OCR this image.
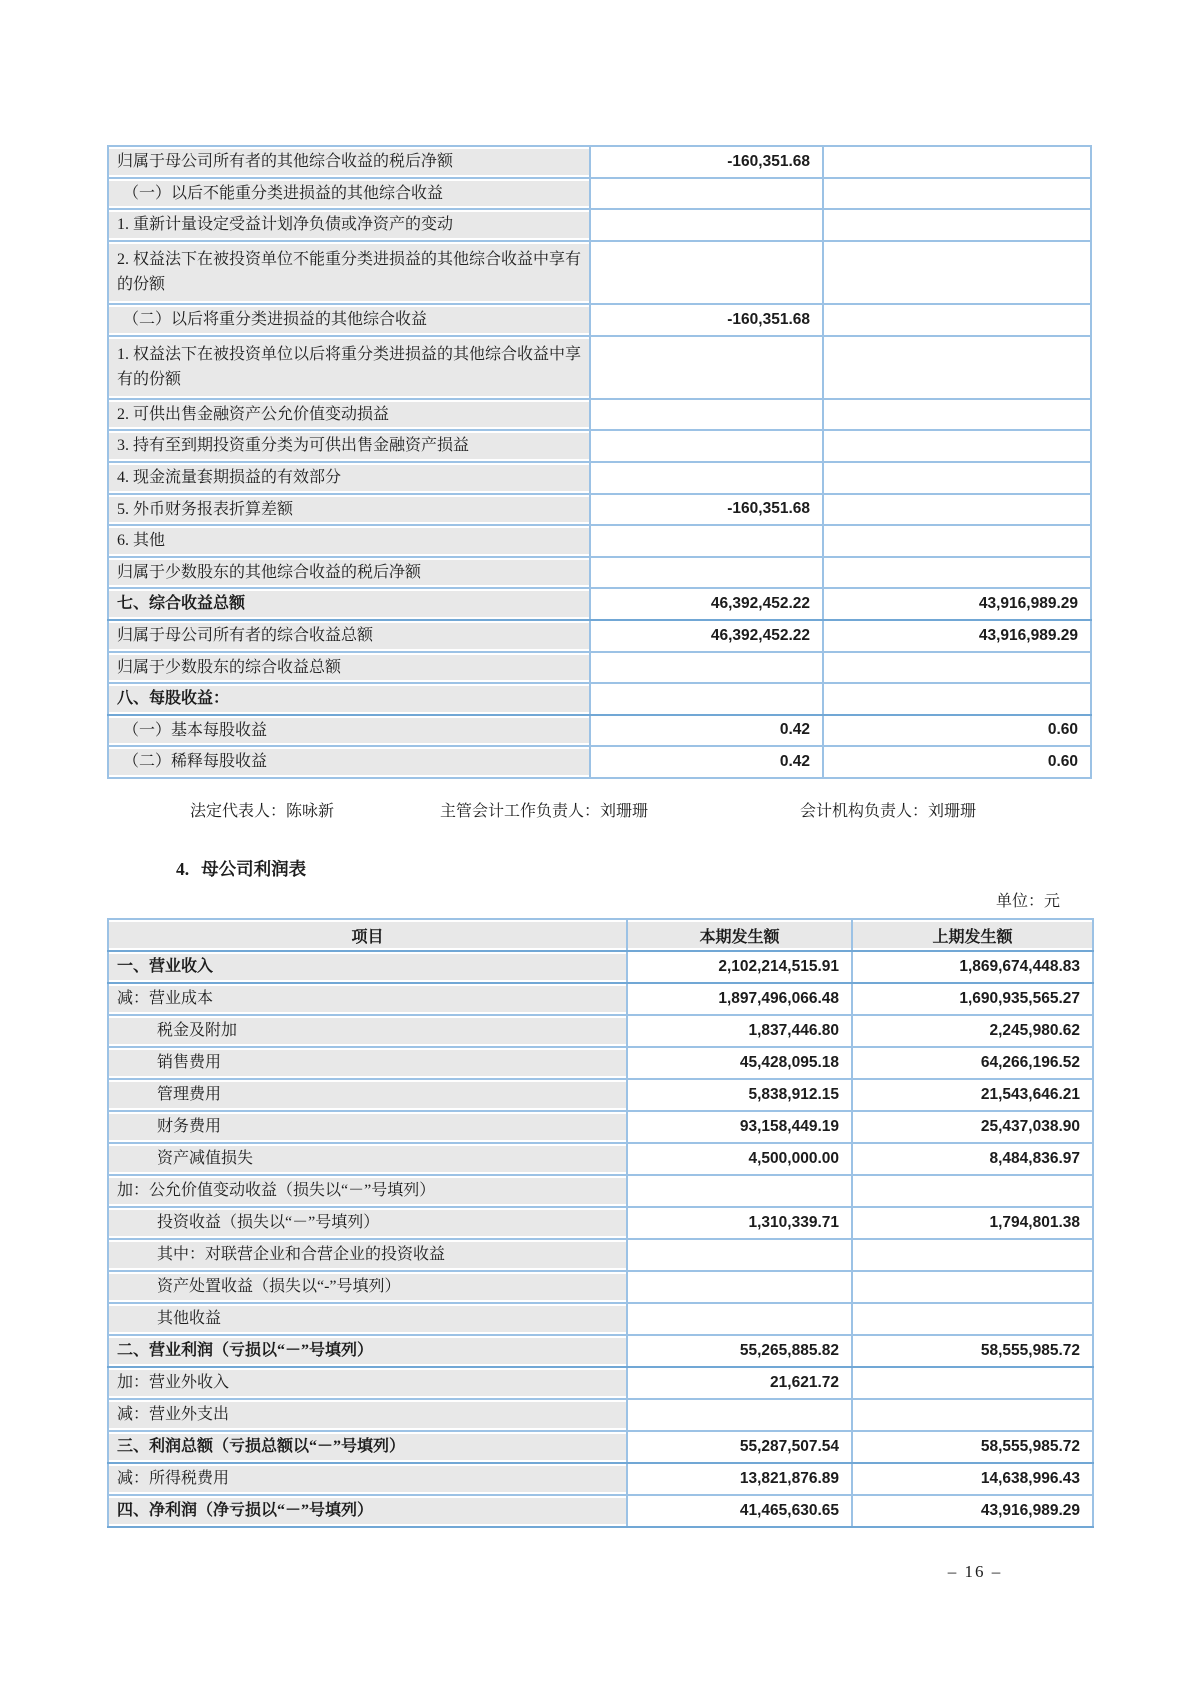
归属于母公司所有者的其他综合收益的税后净额	-160,351.68	
（一）以后不能重分类进损益的其他综合收益		
1. 重新计量设定受益计划净负债或净资产的变动		
2. 权益法下在被投资单位不能重分类进损益的其他综合收益中享有的份额		
（二）以后将重分类进损益的其他综合收益	-160,351.68	
1. 权益法下在被投资单位以后将重分类进损益的其他综合收益中享有的份额		
2. 可供出售金融资产公允价值变动损益		
3. 持有至到期投资重分类为可供出售金融资产损益		
4. 现金流量套期损益的有效部分		
5. 外币财务报表折算差额	-160,351.68	
6. 其他		
归属于少数股东的其他综合收益的税后净额		
七、综合收益总额	46,392,452.22	43,916,989.29
归属于母公司所有者的综合收益总额	46,392,452.22	43,916,989.29
归属于少数股东的综合收益总额		
八、每股收益：		
（一）基本每股收益	0.42	0.60
（二）稀释每股收益	0.42	0.60
法定代表人：陈咏新	主管会计工作负责人：刘珊珊	会计机构负责人：刘珊珊
4. 母公司利润表
单位：元
项目	本期发生额	上期发生额
一、营业收入	2,102,214,515.91	1,869,674,448.83
减：营业成本	1,897,496,066.48	1,690,935,565.27
税金及附加	1,837,446.80	2,245,980.62
销售费用	45,428,095.18	64,266,196.52
管理费用	5,838,912.15	21,543,646.21
财务费用	93,158,449.19	25,437,038.90
资产减值损失	4,500,000.00	8,484,836.97
加：公允价值变动收益（损失以“－”号填列）		
投资收益（损失以“－”号填列）	1,310,339.71	1,794,801.38
其中：对联营企业和合营企业的投资收益		
资产处置收益（损失以“-”号填列）		
其他收益		
二、营业利润（亏损以“－”号填列）	55,265,885.82	58,555,985.72
加：营业外收入	21,621.72	
减：营业外支出		
三、利润总额（亏损总额以“－”号填列）	55,287,507.54	58,555,985.72
减：所得税费用	13,821,876.89	14,638,996.43
四、净利润（净亏损以“－”号填列）	41,465,630.65	43,916,989.29
– 16 –
